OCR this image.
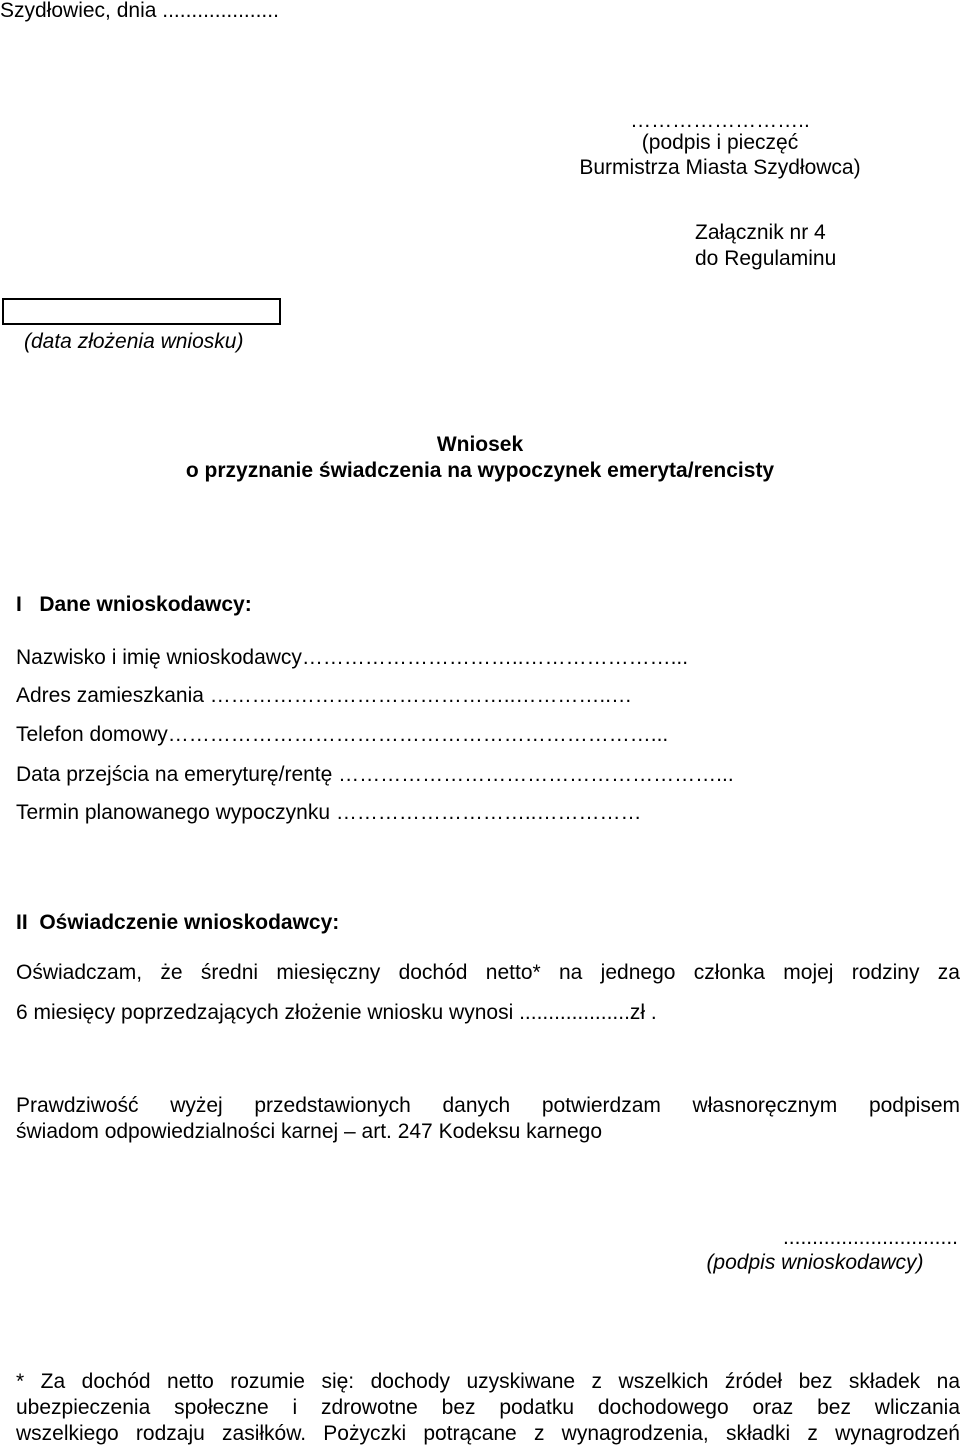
Szydłowiec, dnia ....................
……………………..
(podpis i pieczęć
Burmistrza Miasta Szydłowca)
Załącznik nr 4
do Regulaminu
(data złożenia wniosku)
Wniosek
o przyznanie świadczenia na wypoczynek emeryta/rencisty
I   Dane wnioskodawcy:
Nazwisko i imię wnioskodawcy…………………………..…………………...
Adres zamieszkania ……………………………………..…………..…
Telefon domowy……………………………………………………………...
Data przejścia na emeryturę/rentę ………………………………………………...
Termin planowanego wypoczynku ………………………..……………
II  Oświadczenie wnioskodawcy:
Oświadczam, że średni miesięczny dochód netto* na jednego członka mojej rodziny za
6 miesięcy poprzedzających złożenie wniosku wynosi ...................zł .
Prawdziwość wyżej przedstawionych danych potwierdzam własnoręcznym podpisem
świadom odpowiedzialności karnej – art. 247 Kodeksu karnego
..............................
(podpis wnioskodawcy)
* Za dochód netto rozumie się: dochody uzyskiwane z wszelkich źródeł bez składek na
ubezpieczenia społeczne i zdrowotne bez podatku dochodowego oraz bez wliczania
wszelkiego rodzaju zasiłków. Pożyczki potrącane z wynagrodzenia, składki z wynagrodzeń
